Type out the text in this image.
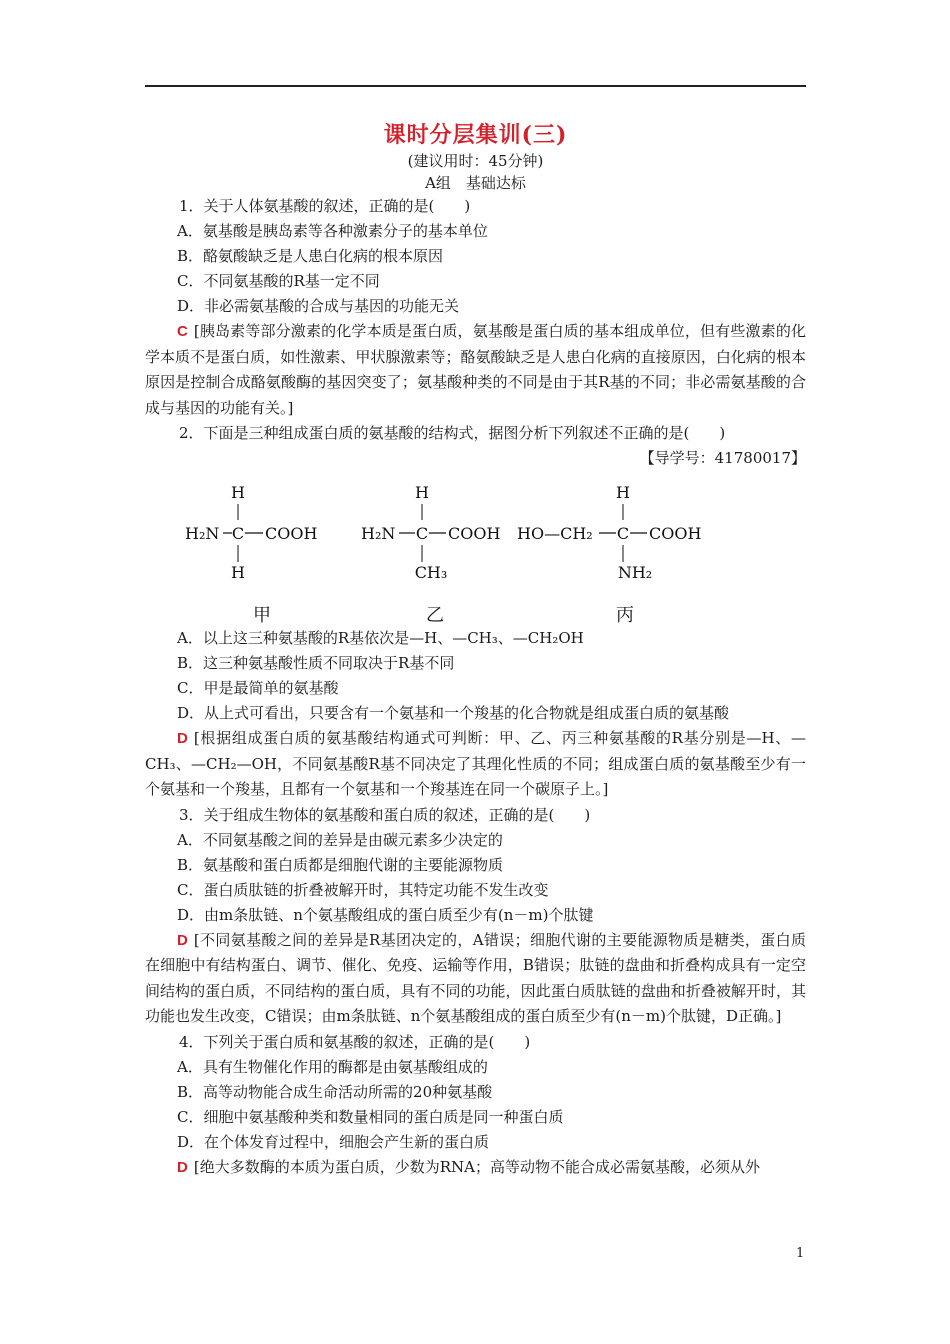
课时分层集训(三)
(建议用时：45分钟)
A组　基础达标
1．关于人体氨基酸的叙述，正确的是(　　)
A．氨基酸是胰岛素等各种激素分子的基本单位
B．酪氨酸缺乏是人患白化病的根本原因
C．不同氨基酸的R基一定不同
D．非必需氨基酸的合成与基因的功能无关
C [胰岛素等部分激素的化学本质是蛋白质，氨基酸是蛋白质的基本组成单位，但有些激素的化学本质不是蛋白质，如性激素、甲状腺激素等；酪氨酸缺乏是人患白化病的直接原因，白化病的根本原因是控制合成酪氨酸酶的基因突变了；氨基酸种类的不同是由于其R基的不同；非必需氨基酸的合成与基因的功能有关。]
2．下面是三种组成蛋白质的氨基酸的结构式，据图分析下列叙述不正确的是(　　)
【导学号：41780017】
H
H₂N C COOH
H
甲
H
H₂N C COOH
CH₃
乙
H
HO—CH₂ C COOH
NH₂
丙
A．以上这三种氨基酸的R基依次是—H、—CH₃、—CH₂OH
B．这三种氨基酸性质不同取决于R基不同
C．甲是最简单的氨基酸
D．从上式可看出，只要含有一个氨基和一个羧基的化合物就是组成蛋白质的氨基酸
D [根据组成蛋白质的氨基酸结构通式可判断：甲、乙、丙三种氨基酸的R基分别是—H、—CH₃、—CH₂—OH，不同氨基酸R基不同决定了其理化性质的不同；组成蛋白质的氨基酸至少有一个氨基和一个羧基，且都有一个氨基和一个羧基连在同一个碳原子上。]
3．关于组成生物体的氨基酸和蛋白质的叙述，正确的是(　　)
A．不同氨基酸之间的差异是由碳元素多少决定的
B．氨基酸和蛋白质都是细胞代谢的主要能源物质
C．蛋白质肽链的折叠被解开时，其特定功能不发生改变
D．由m条肽链、n个氨基酸组成的蛋白质至少有(n－m)个肽键
D [不同氨基酸之间的差异是R基团决定的，A错误；细胞代谢的主要能源物质是糖类，蛋白质在细胞中有结构蛋白、调节、催化、免疫、运输等作用，B错误；肽链的盘曲和折叠构成具有一定空间结构的蛋白质，不同结构的蛋白质，具有不同的功能，因此蛋白质肽链的盘曲和折叠被解开时，其功能也发生改变，C错误；由m条肽链、n个氨基酸组成的蛋白质至少有(n－m)个肽键，D正确。]
4．下列关于蛋白质和氨基酸的叙述，正确的是(　　)
A．具有生物催化作用的酶都是由氨基酸组成的
B．高等动物能合成生命活动所需的20种氨基酸
C．细胞中氨基酸种类和数量相同的蛋白质是同一种蛋白质
D．在个体发育过程中，细胞会产生新的蛋白质
D [绝大多数酶的本质为蛋白质，少数为RNA；高等动物不能合成必需氨基酸，必须从外
1
